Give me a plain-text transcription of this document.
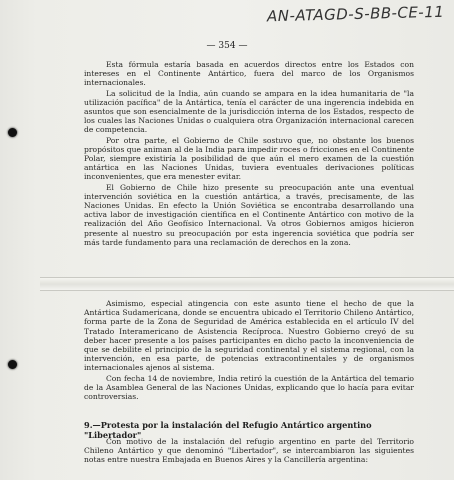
AN-ATAGD-S-BB-CE-11
— 354 —

Esta fórmula estaría basada en acuerdos directos entre los Estados con intereses en el Continente Antártico, fuera del marco de los Organismos internacionales.

La solicitud de la India, aún cuando se ampara en la idea humanitaria de "la utilización pacífica" de la Antártica, tenía el carácter de una ingerencia indebida en asuntos que son esencialmente de la jurisdicción interna de los Estados, respecto de los cuales las Naciones Unidas o cualquiera otra Organización internacional carecen de competencia.

Por otra parte, el Gobierno de Chile sostuvo que, no obstante los buenos propósitos que animan al de la India para impedir roces o fricciones en el Continente Polar, siempre existiría la posibilidad de que aún el mero examen de la cuestión antártica en las Naciones Unidas, tuviera eventuales derivaciones políticas inconvenientes, que era menester evitar.

El Gobierno de Chile hizo presente su preocupación ante una eventual intervención soviética en la cuestión antártica, a través, precisamente, de las Naciones Unidas. En efecto la Unión Soviética se encontraba desarrollando una activa labor de investigación científica en el Continente Antártico con motivo de la realización del Año Geofísico Internacional. Va otros Gobiernos amigos hicieron presente al nuestro su preocupación por esta ingerencia soviética que podría ser más tarde fundamento para una reclamación de derechos en la zona.

Asimismo, especial atingencia con este asunto tiene el hecho de que la Antártica Sudamericana, donde se encuentra ubicado el Territorio Chileno Antártico, forma parte de la Zona de Seguridad de América establecida en el artículo IV del Tratado Interamericano de Asistencia Recíproca. Nuestro Gobierno creyó de su deber hacer presente a los países participantes en dicho pacto la inconveniencia de que se debilite el principio de la seguridad continental y el sistema regional, con la intervención, en esa parte, de potencias extracontinentales y de organismos internacionales ajenos al sistema.

Con fecha 14 de noviembre, India retiró la cuestión de la Antártica del temario de la Asamblea General de las Naciones Unidas, explicando que lo hacía para evitar controversias.

9.—Protesta por la instalación del Refugio Antártico argentino "Libertador"

Con motivo de la instalación del refugio argentino en parte del Territorio Chileno Antártico y que denominó "Libertador", se intercambiaron las siguientes notas entre nuestra Embajada en Buenos Aires y la Cancillería argentina:
